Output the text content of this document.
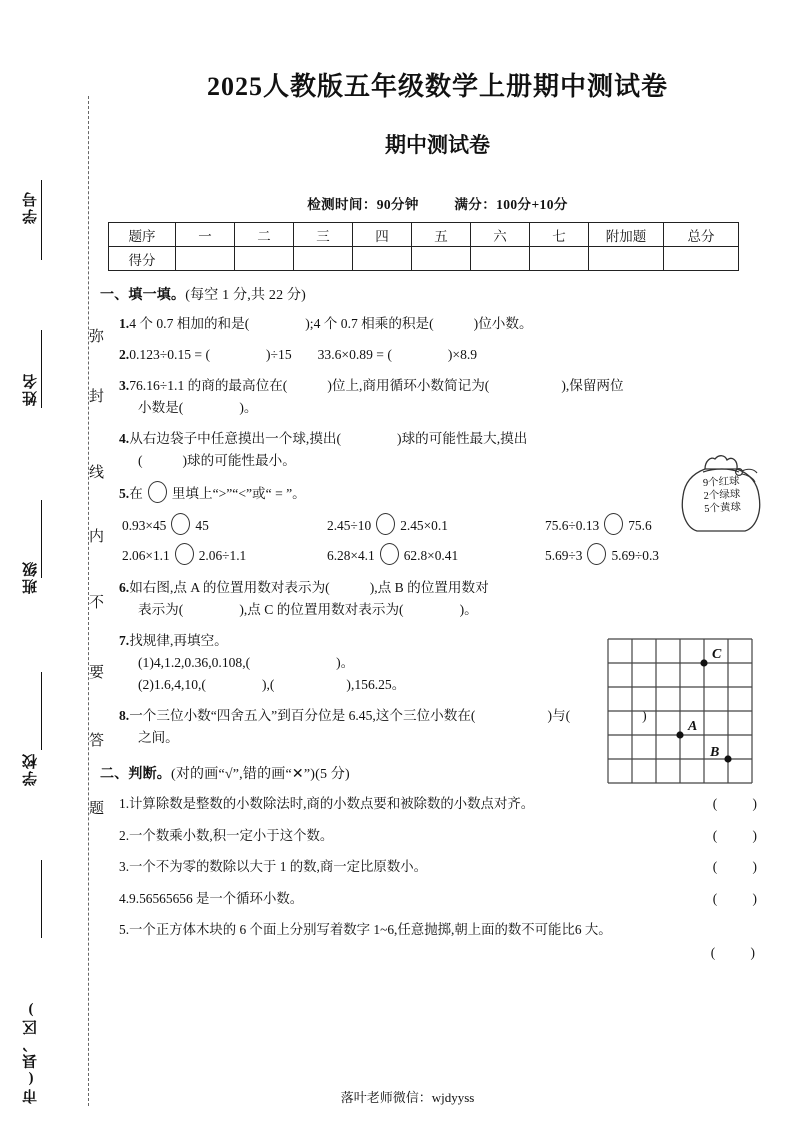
学号
姓名
班级
学校
市(县、区)
弥
封
线
内
不
要
答
题
2025人教版五年级数学上册期中测试卷
期中测试卷
检测时间：90分钟	满分：100分+10分
题序	一	二	三	四	五	六	七	附加题	总分
得分									
一、填一填。(每空 1 分,共 22 分)
1.4 个 0.7 相加的和是(	);4 个 0.7 相乘的积是(	)位小数。
2.0.123÷0.15 = (	)÷15 33.6×0.89 = (	)×8.9
3.76.16÷1.1 的商的最高位在(	)位上,商用循环小数简记为(	),保留两位
小数是(	)。
4.从右边袋子中任意摸出一个球,摸出(	)球的可能性最大,摸出
(	)球的可能性最小。
5.在 里填上“>”“<”或“ = ”。
0.93×45 45	2.45÷10 2.45×0.1	75.6÷0.13 75.6
2.06×1.1 2.06÷1.1	6.28×4.1 62.8×0.41	5.69÷3 5.69÷0.3
6.如右图,点 A 的位置用数对表示为(	),点 B 的位置用数对
表示为(	),点 C 的位置用数对表示为(	)。
7.找规律,再填空。
(1)4,1.2,0.36,0.108,(	)。
(2)1.6,4,10,(	),(	),156.25。
8.一个三位小数“四舍五入”到百分位是 6.45,这个三位小数在(	)与(	)
之间。
二、判断。(对的画“√”,错的画“✕”)(5 分)
1.计算除数是整数的小数除法时,商的小数点要和被除数的小数点对齐。	( )
2.一个数乘小数,积一定小于这个数。	( )
3.一个不为零的数除以大于 1 的数,商一定比原数小。	( )
4.9.56565656 是一个循环小数。	( )
5.一个正方体木块的 6 个面上分别写着数字 1~6,任意抛掷,朝上面的数不可能比6 大。
( )
9个红球
2个绿球
5个黄球
C
A
B
落叶老师微信：wjdyyss
